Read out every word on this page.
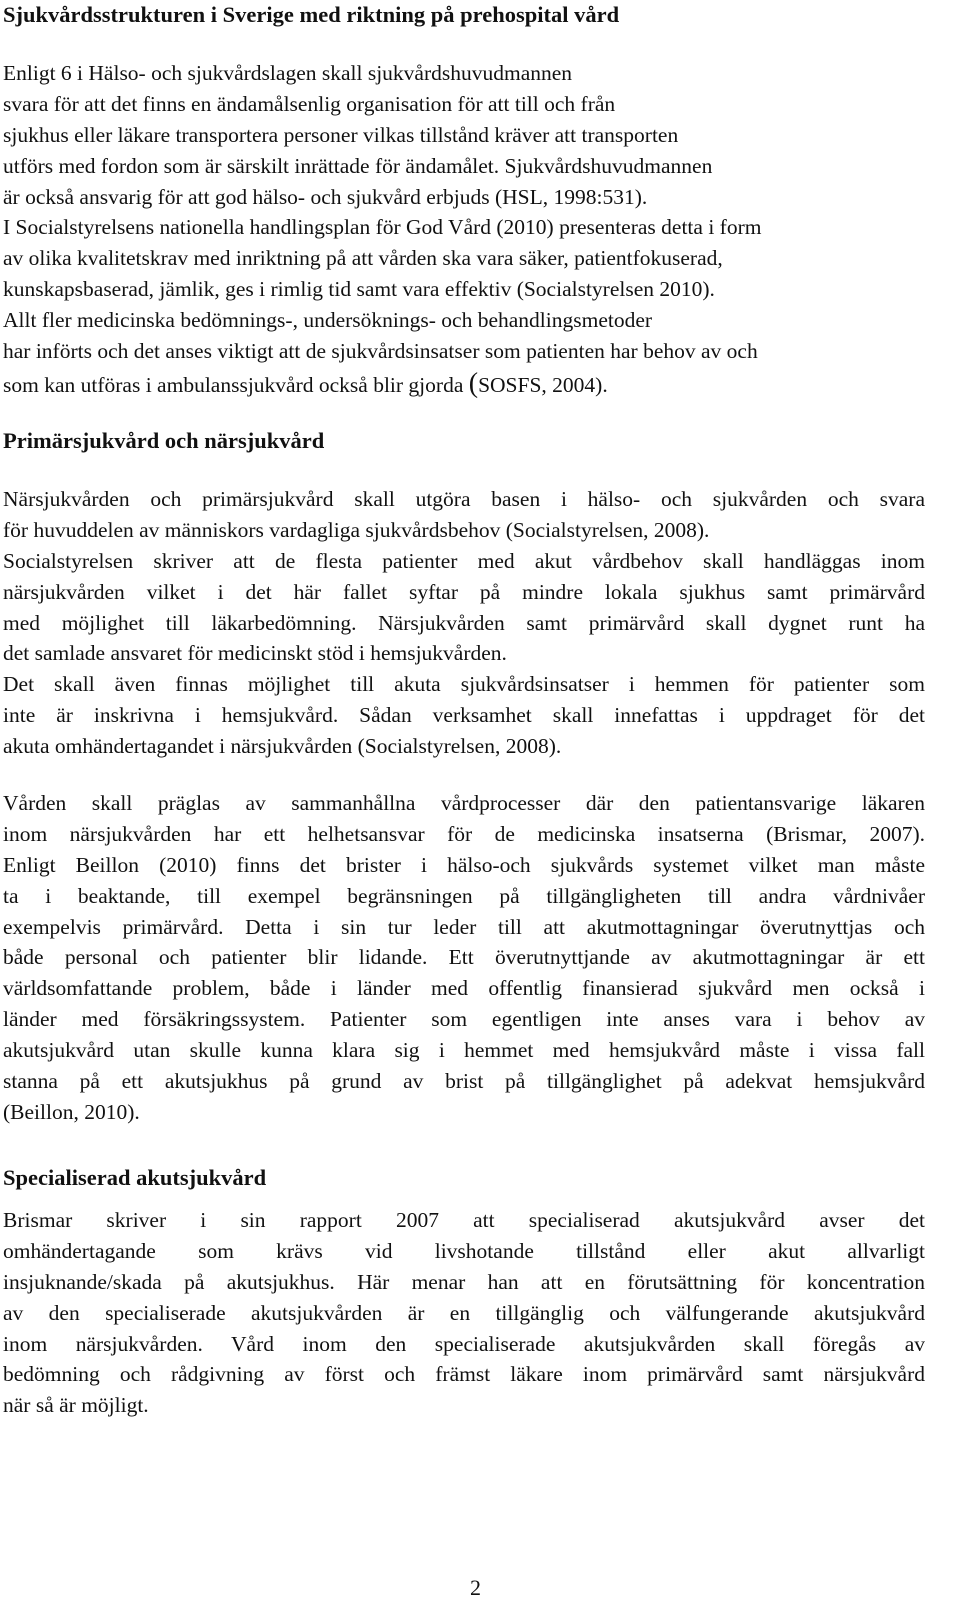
Sjukvårdsstrukturen i Sverige med riktning på prehospital vård
Enligt 6 i Hälso- och sjukvårdslagen skall sjukvårdshuvudmannen
svara för att det finns en ändamålsenlig organisation för att till och från
sjukhus eller läkare transportera personer vilkas tillstånd kräver att transporten
utförs med fordon som är särskilt inrättade för ändamålet. Sjukvårdshuvudmannen
är också ansvarig för att god hälso- och sjukvård erbjuds (HSL, 1998:531).
I Socialstyrelsens nationella handlingsplan för God Vård (2010) presenteras detta i form
av olika kvalitetskrav med inriktning på att vården ska vara säker, patientfokuserad,
kunskapsbaserad, jämlik, ges i rimlig tid samt vara effektiv (Socialstyrelsen 2010).
Allt fler medicinska bedömnings-, undersöknings- och behandlingsmetoder
har införts och det anses viktigt att de sjukvårdsinsatser som patienten har behov av och
som kan utföras i ambulanssjukvård också blir gjorda (SOSFS, 2004).
Primärsjukvård och närsjukvård
Närsjukvården och primärsjukvård skall utgöra basen i hälso- och sjukvården och svara
för huvuddelen av människors vardagliga sjukvårdsbehov (Socialstyrelsen, 2008).
Socialstyrelsen skriver att de flesta patienter med akut vårdbehov skall handläggas inom
närsjukvården vilket i det här fallet syftar på mindre lokala sjukhus samt primärvård
med möjlighet till läkarbedömning. Närsjukvården samt primärvård skall dygnet runt ha
det samlade ansvaret för medicinskt stöd i hemsjukvården.
Det skall även finnas möjlighet till akuta sjukvårdsinsatser i hemmen för patienter som
inte är inskrivna i hemsjukvård. Sådan verksamhet skall innefattas i uppdraget för det
akuta omhändertagandet i närsjukvården (Socialstyrelsen, 2008).
Vården skall präglas av sammanhållna vårdprocesser där den patientansvarige läkaren
inom närsjukvården har ett helhetsansvar för de medicinska insatserna (Brismar, 2007).
Enligt Beillon (2010) finns det brister i hälso-och sjukvårds systemet vilket man måste
ta i beaktande, till exempel begränsningen på tillgängligheten till andra vårdnivåer
exempelvis primärvård. Detta i sin tur leder till att akutmottagningar överutnyttjas och
både personal och patienter blir lidande. Ett överutnyttjande av akutmottagningar är ett
världsomfattande problem, både i länder med offentlig finansierad sjukvård men också i
länder med försäkringssystem. Patienter som egentligen inte anses vara i behov av
akutsjukvård utan skulle kunna klara sig i hemmet med hemsjukvård måste i vissa fall
stanna på ett akutsjukhus på grund av brist på tillgänglighet på adekvat hemsjukvård
(Beillon, 2010).
Specialiserad akutsjukvård
Brismar skriver i sin rapport 2007 att specialiserad akutsjukvård avser det
omhändertagande som krävs vid livshotande tillstånd eller akut allvarligt
insjuknande/skada på akutsjukhus. Här menar han att en förutsättning för koncentration
av den specialiserade akutsjukvården är en tillgänglig och välfungerande akutsjukvård
inom närsjukvården. Vård inom den specialiserade akutsjukvården skall föregås av
bedömning och rådgivning av först och främst läkare inom primärvård samt närsjukvård
när så är möjligt.
2
